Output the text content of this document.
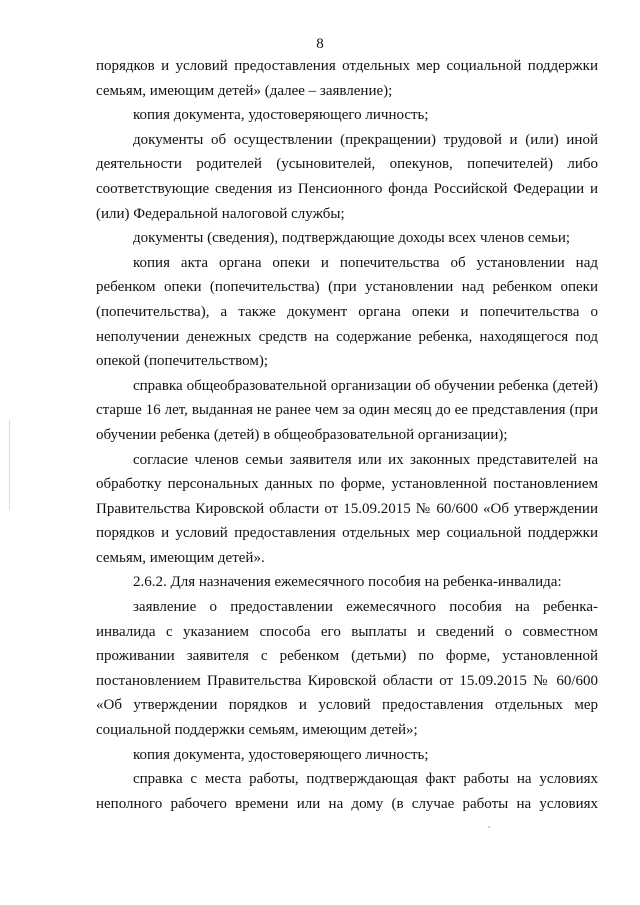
8

порядков и условий предоставления отдельных мер социальной поддержки семьям, имеющим детей» (далее – заявление);

копия документа, удостоверяющего личность;

документы об осуществлении (прекращении) трудовой и (или) иной деятельности родителей (усыновителей, опекунов, попечителей) либо соответствующие сведения из Пенсионного фонда Российской Федерации и (или) Федеральной налоговой службы;

документы (сведения), подтверждающие доходы всех членов семьи;

копия акта органа опеки и попечительства об установлении над ребенком опеки (попечительства) (при установлении над ребенком опеки (попечительства), а также документ органа опеки и попечительства о неполучении денежных средств на содержание ребенка, находящегося под опекой (попечительством);

справка общеобразовательной организации об обучении ребенка (детей) старше 16 лет, выданная не ранее чем за один месяц до ее представления (при обучении ребенка (детей) в общеобразовательной организации);

согласие членов семьи заявителя или их законных представителей на обработку персональных данных по форме, установленной постановлением Правительства Кировской области от 15.09.2015 № 60/600 «Об утверждении порядков и условий предоставления отдельных мер социальной поддержки семьям, имеющим детей».

2.6.2. Для назначения ежемесячного пособия на ребенка-инвалида:

заявление о предоставлении ежемесячного пособия на ребенка-инвалида с указанием способа его выплаты и сведений о совместном проживании заявителя с ребенком (детьми) по форме, установленной постановлением Правительства Кировской области от 15.09.2015 № 60/600 «Об утверждении порядков и условий предоставления отдельных мер социальной поддержки семьям, имеющим детей»;

копия документа, удостоверяющего личность;

справка с места работы, подтверждающая факт работы на условиях неполного рабочего времени или на дому (в случае работы на условиях
